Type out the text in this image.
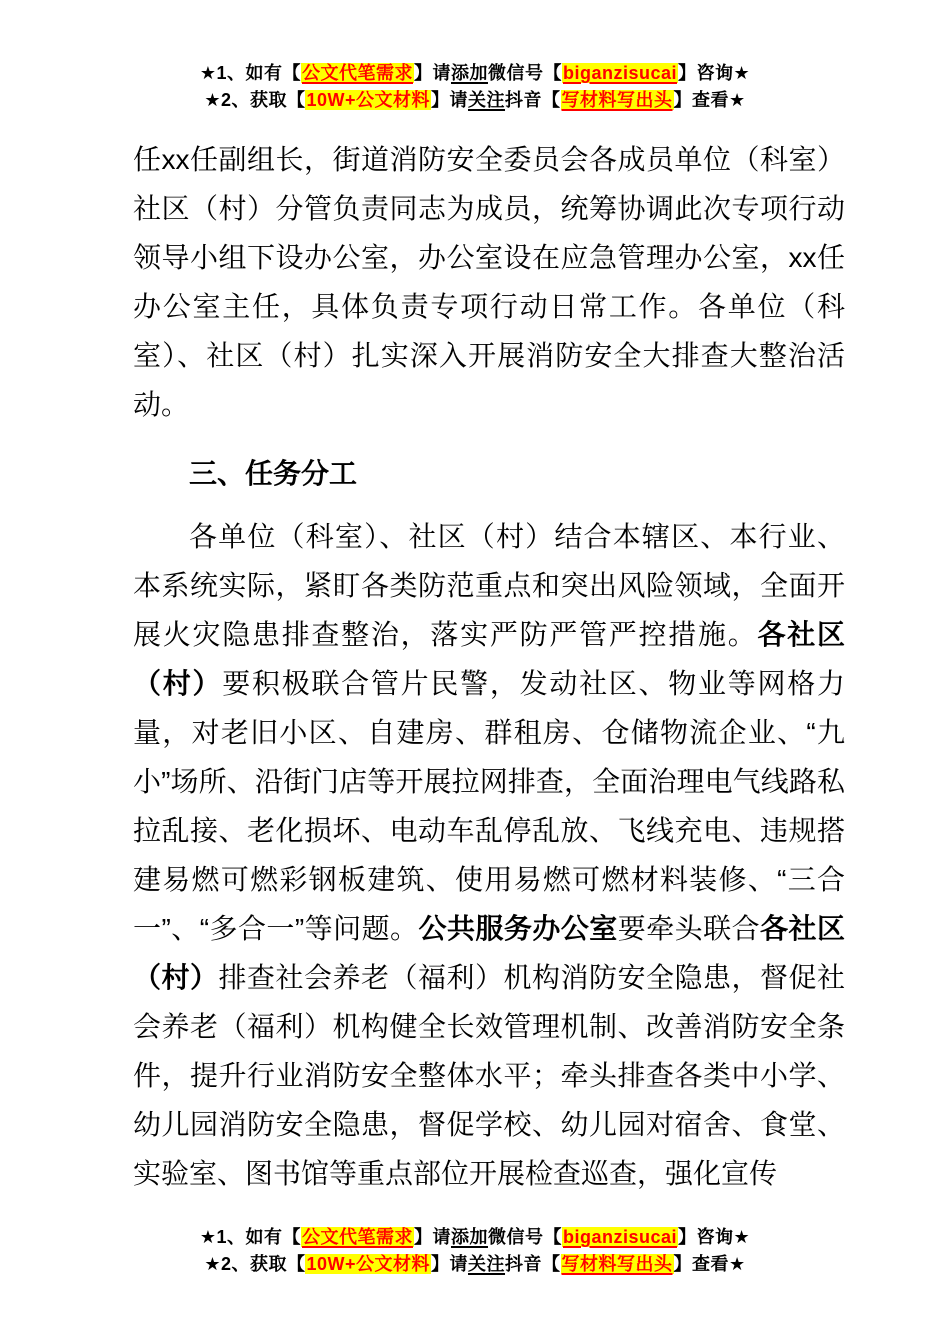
★1、如有【公文代笔需求】请添加微信号【biganzisucai】咨询★
★2、获取【10W+公文材料】请关注抖音【写材料写出头】查看★

任xx任副组长，街道消防安全委员会各成员单位（科室）社区（村）分管负责同志为成员，统筹协调此次专项行动领导小组下设办公室，办公室设在应急管理办公室，xx任办公室主任，具体负责专项行动日常工作。各单位（科室）、社区（村）扎实深入开展消防安全大排查大整治活动。

三、任务分工

各单位（科室）、社区（村）结合本辖区、本行业、本系统实际，紧盯各类防范重点和突出风险领域，全面开展火灾隐患排查整治，落实严防严管严控措施。各社区（村）要积极联合管片民警，发动社区、物业等网格力量，对老旧小区、自建房、群租房、仓储物流企业、“九小”场所、沿街门店等开展拉网排查，全面治理电气线路私拉乱接、老化损坏、电动车乱停乱放、飞线充电、违规搭建易燃可燃彩钢板建筑、使用易燃可燃材料装修、“三合一”、“多合一”等问题。公共服务办公室要牵头联合各社区（村）排查社会养老（福利）机构消防安全隐患，督促社会养老（福利）机构健全长效管理机制、改善消防安全条件，提升行业消防安全整体水平；牵头排查各类中小学、幼儿园消防安全隐患，督促学校、幼儿园对宿舍、食堂、实验室、图书馆等重点部位开展检查巡查，强化宣传

★1、如有【公文代笔需求】请添加微信号【biganzisucai】咨询★
★2、获取【10W+公文材料】请关注抖音【写材料写出头】查看★
